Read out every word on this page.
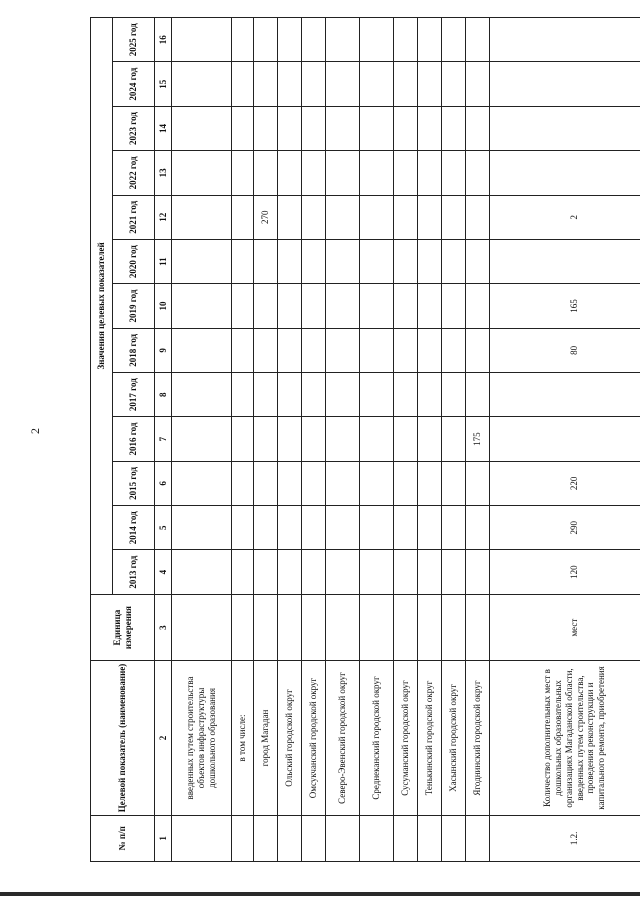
2
№ п/п	Целевой показатель (наименование)	Единица измерения	Значения целевых показателей												
			2013 год	2014 год	2015 год	2016 год	2017 год	2018 год	2019 год	2020 год	2021 год	2022 год	2023 год	2024 год	2025 год
1	2	3	4	5	6	7	8	9	10	11	12	13	14	15	16
	введенных путем строительства объектов инфраструктуры дошкольного образования														
	в том числе:														
	город Магадан										270				
	Ольский городской округ														
	Омсукчанский городской округ														
	Северо-Эвенский городской округ														
	Среднеканский городской округ														
	Сусуманский городской округ														
	Тенькинский городской округ														
	Хасынский городской округ														
	Ягоднинский городской округ					175									
1.2.	Количество дополнительных мест в дошкольных образовательных организациях Магаданской области, введенных путем строительства, проведения реконструкции и капитального ремонта, приобретения	мест	120	290	220			80	165		2				
